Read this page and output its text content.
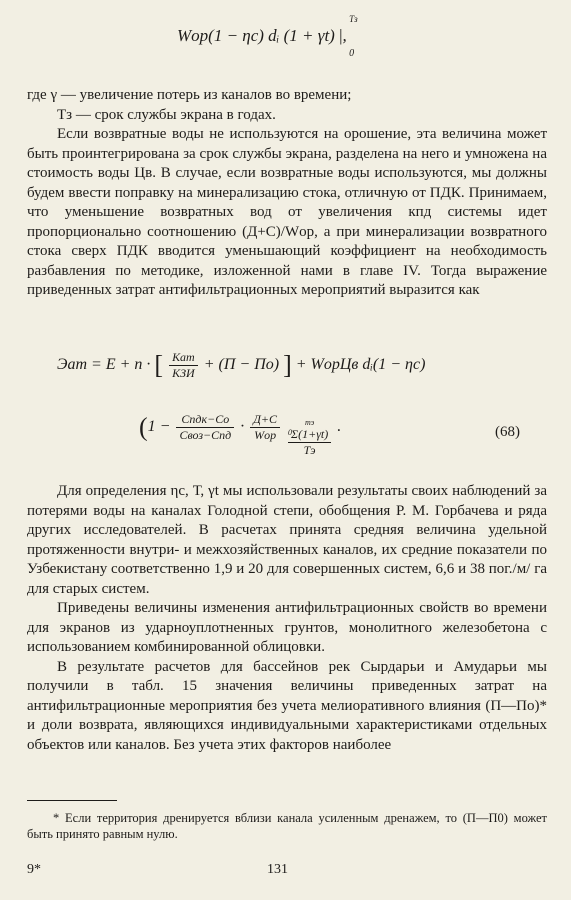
Wор(1 − ηс) dᵢ (1 + γt) |,
Tз
0

где γ — увеличение потерь из каналов во времени;

Тз — срок службы экрана в годах.

Если возвратные воды не используются на орошение, эта величина может быть проинтегрирована за срок службы экрана, разделена на него и умножена на стоимость воды Цв. В случае, если возвратные воды используются, мы должны будем ввести поправку на минерализацию стока, отличную от ПДК. Принимаем, что уменьшение возвратных вод от увеличения кпд системы идет пропорционально соотношению (Д+С)/Wор, а при минерализации возвратного стока сверх ПДК вводится уменьшающий коэффициент на необходимость разбавления по методике, изложенной нами в главе IV. Тогда выражение приведенных затрат антифильтрационных мероприятий выразится как

Эат = Е + n · [ $\frac{\text{Кат}}{\text{КЗИ}} + (П - По)$ ] + WорЦв dᵢ(1 − ηс)
($1 - \frac{\text{Спдк−Со}}{\text{Своз−Спд}} \cdot \frac{Д+С}{\text{Wор}}$
	тэ
Σ(1+γt)
Tэ
0	.	(68)

Для определения ηс, Т, γt мы использовали результаты своих наблюдений за потерями воды на каналах Голодной степи, обобщения Р. М. Горбачева и ряда других исследователей. В расчетах принята средняя величина удельной протяженности внутри- и межхозяйственных каналов, их средние показатели по Узбекистану соответственно 1,9 и 20 для совершенных систем, 6,6 и 38 пог./м/ га для старых систем.

Приведены величины изменения антифильтрационных свойств во времени для экранов из ударноуплотненных грунтов, монолитного железобетона с использованием комбинированной облицовки.

В результате расчетов для бассейнов рек Сырдарьи и Амударьи мы получили в табл. 15 значения величины приведенных затрат на антифильтрационные мероприятия без учета мелиоративного влияния (П—По)* и доли возврата, являющихся индивидуальными характеристиками отдельных объектов или каналов. Без учета этих факторов наиболее

* Если территория дренируется вблизи канала усиленным дренажем, то (П—П0) может быть принято равным нулю.

9*	131
